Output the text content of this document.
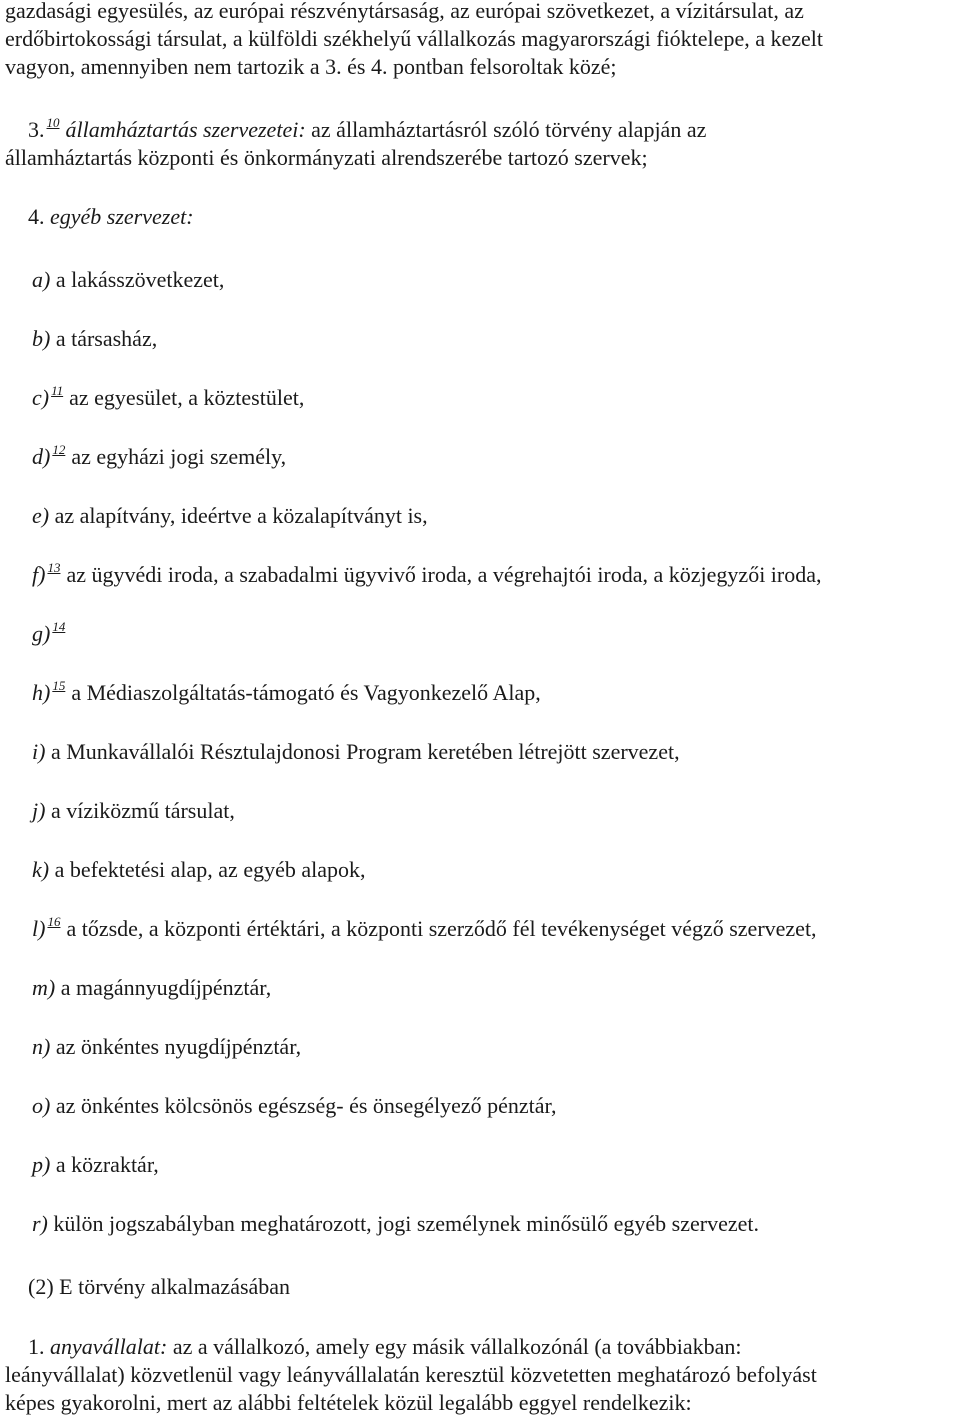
gazdasági egyesülés, az európai részvénytársaság, az európai szövetkezet, a vízitársulat, az
erdőbirtokossági társulat, a külföldi székhelyű vállalkozás magyarországi fióktelepe, a kezelt
vagyon, amennyiben nem tartozik a 3. és 4. pontban felsoroltak közé;
3. $^{10}$ államháztartás szervezetei: az államháztartásról szóló törvény alapján az
államháztartás központi és önkormányzati alrendszerébe tartozó szervek;
4. egyéb szervezet:
a) a lakásszövetkezet,
b) a társasház,
c) $^{11}$ az egyesület, a köztestület,
d) $^{12}$ az egyházi jogi személy,
e) az alapítvány, ideértve a közalapítványt is,
f) $^{13}$ az ügyvédi iroda, a szabadalmi ügyvivő iroda, a végrehajtói iroda, a közjegyzői iroda,
g) $^{14}$
h) $^{15}$ a Médiaszolgáltatás-támogató és Vagyonkezelő Alap,
i) a Munkavállalói Résztulajdonosi Program keretében létrejött szervezet,
j) a víziközmű társulat,
k) a befektetési alap, az egyéb alapok,
l) $^{16}$ a tőzsde, a központi értéktári, a központi szerződő fél tevékenységet végző szervezet,
m) a magánnyugdíjpénztár,
n) az önkéntes nyugdíjpénztár,
o) az önkéntes kölcsönös egészség- és önsegélyező pénztár,
p) a közraktár,
r) külön jogszabályban meghatározott, jogi személynek minősülő egyéb szervezet.
(2) E törvény alkalmazásában
1. anyavállalat: az a vállalkozó, amely egy másik vállalkozónál (a továbbiakban:
leányvállalat) közvetlenül vagy leányvállalatán keresztül közvetetten meghatározó befolyást
képes gyakorolni, mert az alábbi feltételek közül legalább eggyel rendelkezik:
